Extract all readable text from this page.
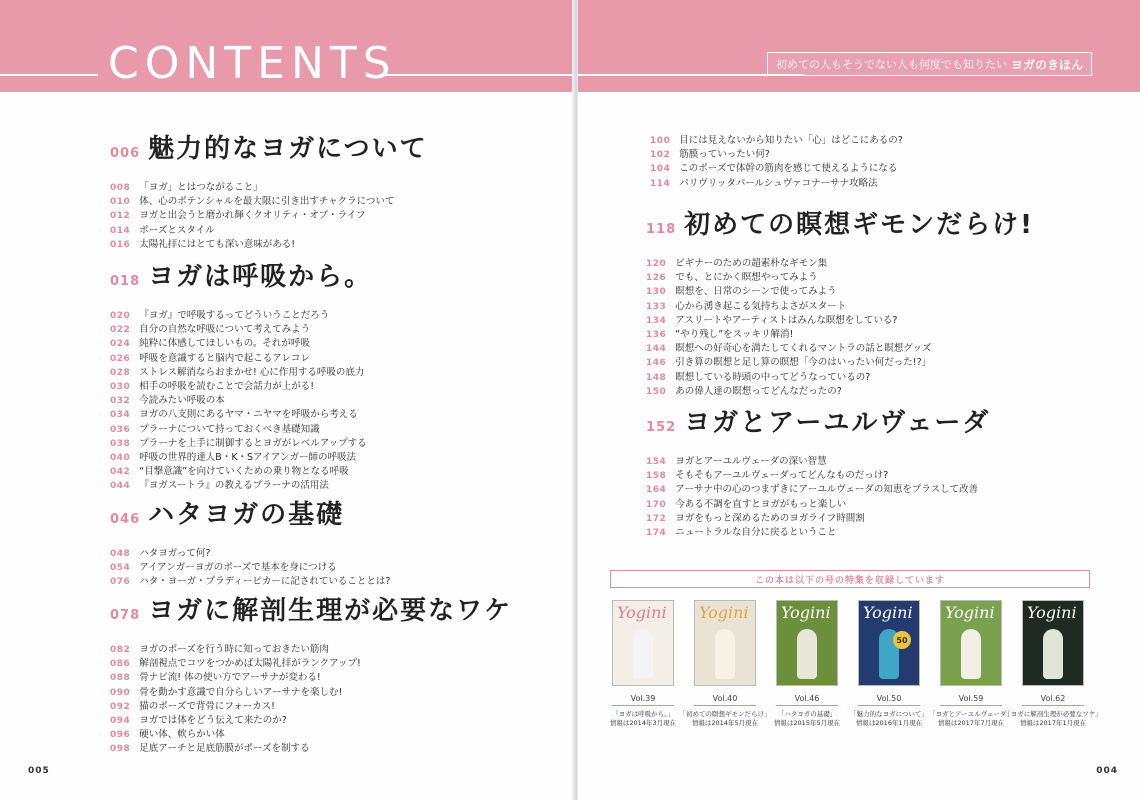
CONTENTS
006 魅力的なヨガについて
008 「ヨガ」とはつながること」
010 体、心のポテンシャルを最大限に引き出すチャクラについて
012 ヨガと出会うと磨かれ輝くクオリティ・オブ・ライフ
014 ポーズとスタイル
016 太陽礼拝にはとても深い意味がある!
018 ヨガは呼吸から。
020 『ヨガ』で呼吸するってどういうことだろう
022 自分の自然な呼吸について考えてみよう
024 純粋に体感してほしいもの。それが呼吸
026 呼吸を意識すると脳内で起こるアレコレ
028 ストレス解消ならおまかせ! 心に作用する呼吸の底力
030 相手の呼吸を読むことで会話力が上がる!
032 今読みたい呼吸の本
034 ヨガの八支則にあるヤマ・ニヤマを呼吸から考える
036 プラーナについて持っておくべき基礎知識
038 プラーナを上手に制御するとヨガがレベルアップする
040 呼吸の世界的達人B・K・Sアイアンガー師の呼吸法
042 “目撃意識”を向けていくための乗り物となる呼吸
044 『ヨガスートラ』の教えるプラーナの活用法
046 ハタヨガの基礎
048 ハタヨガって何?
054 アイアンガーヨガのポーズで基本を身につける
076 ハタ・ヨーガ・プラディーピカーに記されていることとは?
078 ヨガに解剖生理が必要なワケ
082 ヨガのポーズを行う時に知っておきたい筋肉
086 解剖視点でコツをつかめば太陽礼拝がランクアップ!
088 骨ナビ流! 体の使い方でアーサナが変わる!
090 骨を動かす意識で自分らしいアーサナを楽しむ!
092 猫のポーズで背骨にフォーカス!
094 ヨガでは体をどう伝えて来たのか?
096 硬い体、軟らかい体
098 足底アーチと足底筋膜がポーズを制する
005
初めての人もそうでない人も何度でも知りたい ヨガのきほん
100 目には見えないから知りたい「心」はどこにあるの?
102 筋膜っていったい何?
104 このポーズで体幹の筋肉を感じて使えるようになる
114 パリヴリッタパールシュヴァコナーサナ攻略法
118 初めての瞑想ギモンだらけ!
120 ビギナーのための超素朴なギモン集
126 でも、とにかく瞑想やってみよう
130 瞑想を、日常のシーンで使ってみよう
133 心から湧き起こる気持ちよさがスタート
134 アスリートやアーティストはみんな瞑想をしている?
136 “やり残し”をスッキリ解消!
144 瞑想への好奇心を満たしてくれるマントラの話と瞑想グッズ
146 引き算の瞑想と足し算の瞑想「今のはいったい何だった!?」
148 瞑想している時頭の中ってどうなっているの?
150 あの偉人達の瞑想ってどんなだったの?
152 ヨガとアーユルヴェーダ
154 ヨガとアーユルヴェーダの深い智慧
158 そもそもアーユルヴェーダってどんなものだっけ?
164 アーサナ中の心のつまずきにアーユルヴェーダの知恵をプラスして改善
170 今ある不調を直すとヨガがもっと楽しい
172 ヨガをもっと深めるためのヨガライフ時間割
174 ニュートラルな自分に戻るということ
この本は以下の号の特集を収録しています
Yogini
Vol.39
「ヨガは呼吸から。」
情報は2014年3月現在
Yogini
Vol.40
「初めての瞑想ギモンだらけ」
情報は2014年5月現在
Yogini
Vol.46
「ハタヨガの基礎」
情報は2015年5月現在
Yogini
50
Vol.50
「魅力的なヨガについて」
情報は2016年1月現在
Yogini
Vol.59
「ヨガとアーユルヴェーダ」
情報は2017年7月現在
Yogini
Vol.62
「ヨガに解剖生理が必要なワケ」
情報は2017年1月現在
004
